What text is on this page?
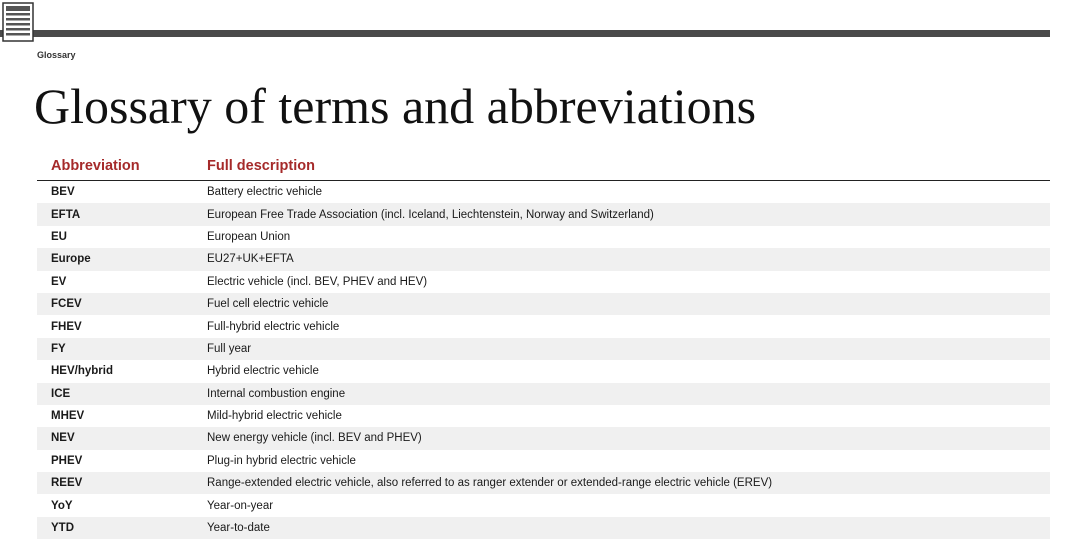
Glossary
Glossary of terms and abbreviations
Abbreviation	Full description
BEV	Battery electric vehicle
EFTA	European Free Trade Association (incl. Iceland, Liechtenstein, Norway and Switzerland)
EU	European Union
Europe	EU27+UK+EFTA
EV	Electric vehicle (incl. BEV, PHEV and HEV)
FCEV	Fuel cell electric vehicle
FHEV	Full-hybrid electric vehicle
FY	Full year
HEV/hybrid	Hybrid electric vehicle
ICE	Internal combustion engine
MHEV	Mild-hybrid electric vehicle
NEV	New energy vehicle (incl. BEV and PHEV)
PHEV	Plug-in hybrid electric vehicle
REEV	Range-extended electric vehicle, also referred to as ranger extender or extended-range electric vehicle (EREV)
YoY	Year-on-year
YTD	Year-to-date
